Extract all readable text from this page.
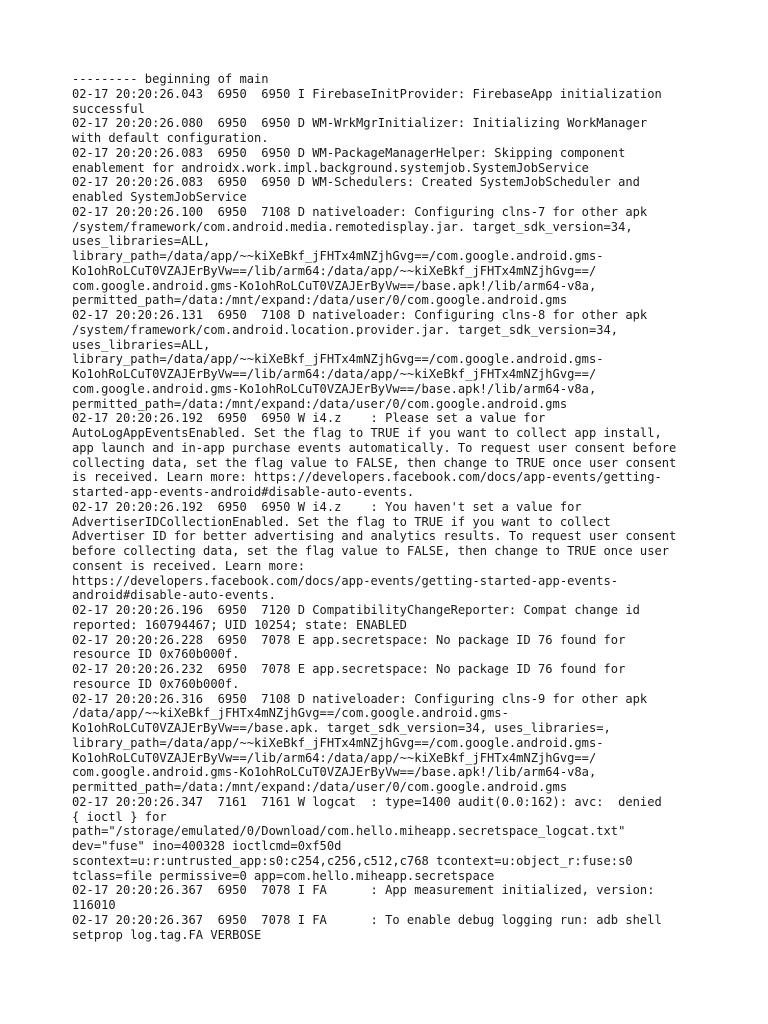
--------- beginning of main
02-17 20:20:26.043  6950  6950 I FirebaseInitProvider: FirebaseApp initialization
successful
02-17 20:20:26.080  6950  6950 D WM-WrkMgrInitializer: Initializing WorkManager
with default configuration.
02-17 20:20:26.083  6950  6950 D WM-PackageManagerHelper: Skipping component
enablement for androidx.work.impl.background.systemjob.SystemJobService
02-17 20:20:26.083  6950  6950 D WM-Schedulers: Created SystemJobScheduler and
enabled SystemJobService
02-17 20:20:26.100  6950  7108 D nativeloader: Configuring clns-7 for other apk
/system/framework/com.android.media.remotedisplay.jar. target_sdk_version=34,
uses_libraries=ALL,
library_path=/data/app/~~kiXeBkf_jFHTx4mNZjhGvg==/com.google.android.gms-
Ko1ohRoLCuT0VZAJErByVw==/lib/arm64:/data/app/~~kiXeBkf_jFHTx4mNZjhGvg==/
com.google.android.gms-Ko1ohRoLCuT0VZAJErByVw==/base.apk!/lib/arm64-v8a,
permitted_path=/data:/mnt/expand:/data/user/0/com.google.android.gms
02-17 20:20:26.131  6950  7108 D nativeloader: Configuring clns-8 for other apk
/system/framework/com.android.location.provider.jar. target_sdk_version=34,
uses_libraries=ALL,
library_path=/data/app/~~kiXeBkf_jFHTx4mNZjhGvg==/com.google.android.gms-
Ko1ohRoLCuT0VZAJErByVw==/lib/arm64:/data/app/~~kiXeBkf_jFHTx4mNZjhGvg==/
com.google.android.gms-Ko1ohRoLCuT0VZAJErByVw==/base.apk!/lib/arm64-v8a,
permitted_path=/data:/mnt/expand:/data/user/0/com.google.android.gms
02-17 20:20:26.192  6950  6950 W i4.z    : Please set a value for
AutoLogAppEventsEnabled. Set the flag to TRUE if you want to collect app install,
app launch and in-app purchase events automatically. To request user consent before
collecting data, set the flag value to FALSE, then change to TRUE once user consent
is received. Learn more: https://developers.facebook.com/docs/app-events/getting-
started-app-events-android#disable-auto-events.
02-17 20:20:26.192  6950  6950 W i4.z    : You haven't set a value for
AdvertiserIDCollectionEnabled. Set the flag to TRUE if you want to collect
Advertiser ID for better advertising and analytics results. To request user consent
before collecting data, set the flag value to FALSE, then change to TRUE once user
consent is received. Learn more:
https://developers.facebook.com/docs/app-events/getting-started-app-events-
android#disable-auto-events.
02-17 20:20:26.196  6950  7120 D CompatibilityChangeReporter: Compat change id
reported: 160794467; UID 10254; state: ENABLED
02-17 20:20:26.228  6950  7078 E app.secretspace: No package ID 76 found for
resource ID 0x760b000f.
02-17 20:20:26.232  6950  7078 E app.secretspace: No package ID 76 found for
resource ID 0x760b000f.
02-17 20:20:26.316  6950  7108 D nativeloader: Configuring clns-9 for other apk
/data/app/~~kiXeBkf_jFHTx4mNZjhGvg==/com.google.android.gms-
Ko1ohRoLCuT0VZAJErByVw==/base.apk. target_sdk_version=34, uses_libraries=,
library_path=/data/app/~~kiXeBkf_jFHTx4mNZjhGvg==/com.google.android.gms-
Ko1ohRoLCuT0VZAJErByVw==/lib/arm64:/data/app/~~kiXeBkf_jFHTx4mNZjhGvg==/
com.google.android.gms-Ko1ohRoLCuT0VZAJErByVw==/base.apk!/lib/arm64-v8a,
permitted_path=/data:/mnt/expand:/data/user/0/com.google.android.gms
02-17 20:20:26.347  7161  7161 W logcat  : type=1400 audit(0.0:162): avc:  denied
{ ioctl } for
path="/storage/emulated/0/Download/com.hello.miheapp.secretspace_logcat.txt"
dev="fuse" ino=400328 ioctlcmd=0xf50d
scontext=u:r:untrusted_app:s0:c254,c256,c512,c768 tcontext=u:object_r:fuse:s0
tclass=file permissive=0 app=com.hello.miheapp.secretspace
02-17 20:20:26.367  6950  7078 I FA      : App measurement initialized, version:
116010
02-17 20:20:26.367  6950  7078 I FA      : To enable debug logging run: adb shell
setprop log.tag.FA VERBOSE
